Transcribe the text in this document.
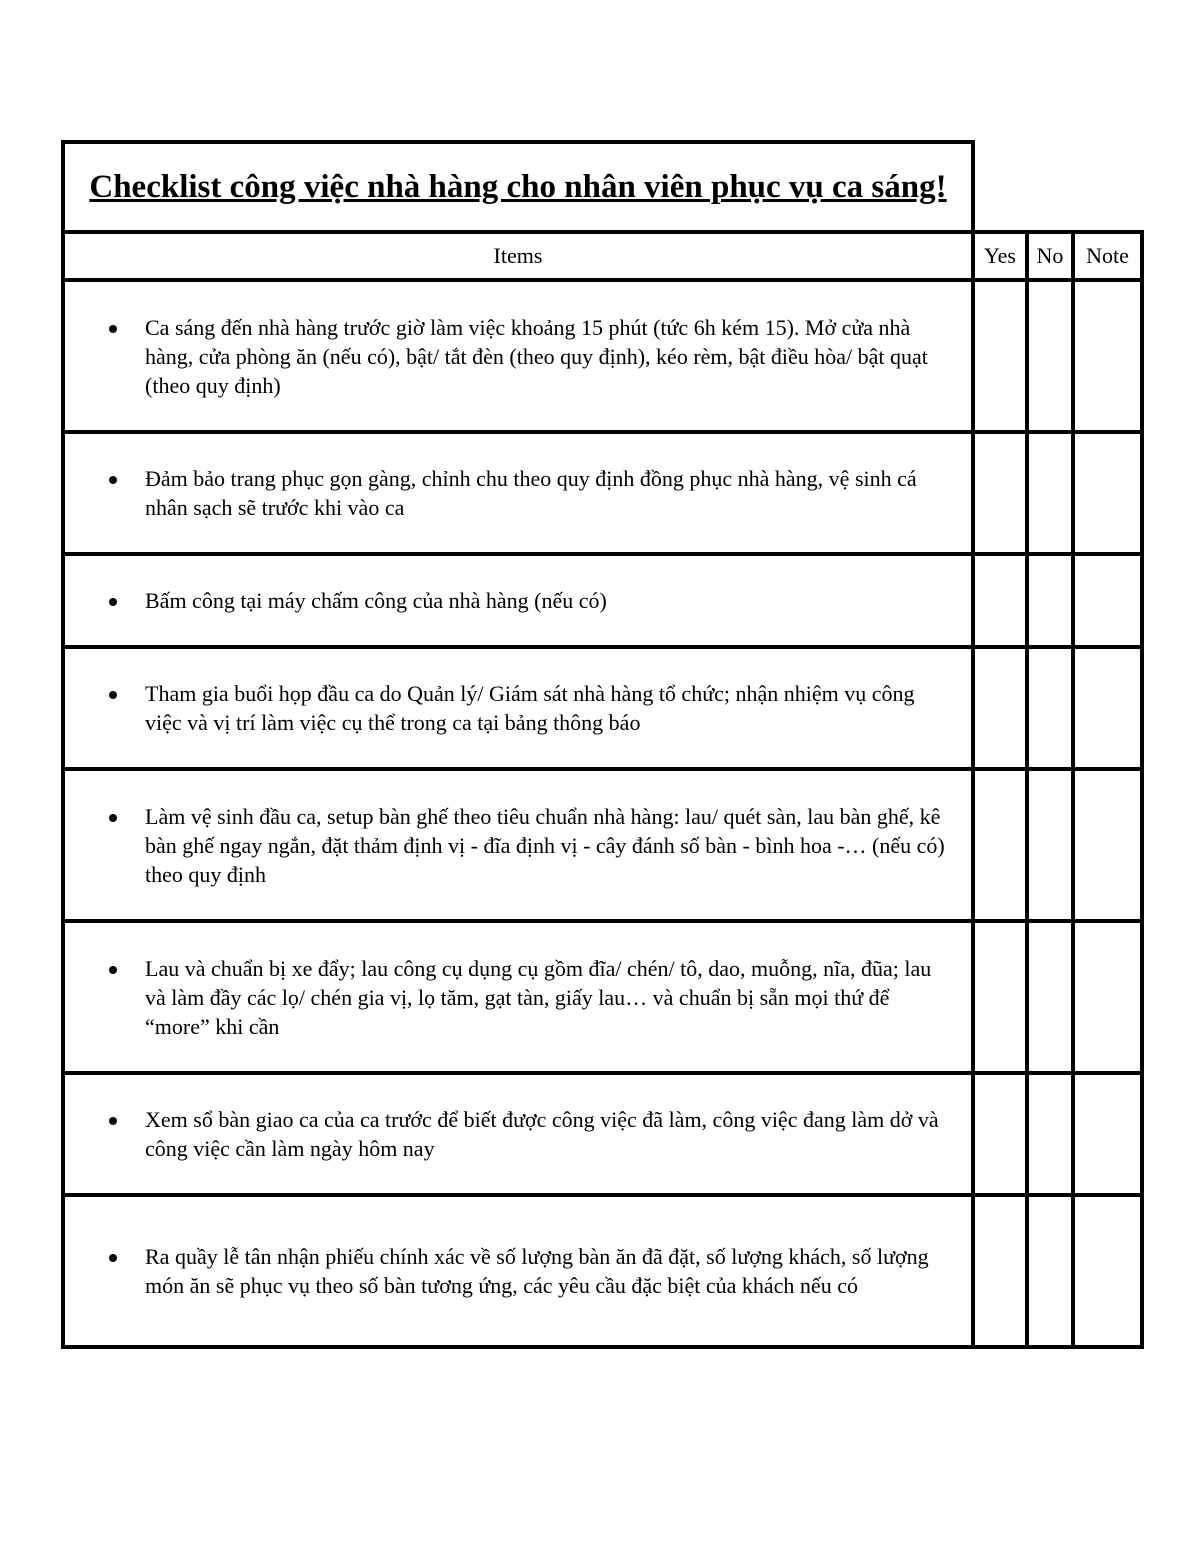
Checklist công việc nhà hàng cho nhân viên phục vụ ca sáng!			

Items	Yes	No	Note

Ca sáng đến nhà hàng trước giờ làm việc khoảng 15 phút (tức 6h kém 15). Mở cửa nhà hàng, cửa phòng ăn (nếu có), bật/ tắt đèn (theo quy định), kéo rèm, bật điều hòa/ bật quạt (theo quy định)			

Đảm bảo trang phục gọn gàng, chỉnh chu theo quy định đồng phục nhà hàng, vệ sinh cá nhân sạch sẽ trước khi vào ca			

Bấm công tại máy chấm công của nhà hàng (nếu có)			

Tham gia buổi họp đầu ca do Quản lý/ Giám sát nhà hàng tổ chức; nhận nhiệm vụ công việc và vị trí làm việc cụ thể trong ca tại bảng thông báo			

Làm vệ sinh đầu ca, setup bàn ghế theo tiêu chuẩn nhà hàng: lau/ quét sàn, lau bàn ghế, kê bàn ghế ngay ngắn, đặt thảm định vị - đĩa định vị - cây đánh số bàn - bình hoa -… (nếu có) theo quy định			

Lau và chuẩn bị xe đẩy; lau công cụ dụng cụ gồm đĩa/ chén/ tô, dao, muỗng, nĩa, đũa; lau và làm đầy các lọ/ chén gia vị, lọ tăm, gạt tàn, giấy lau… và chuẩn bị sẵn mọi thứ để “more” khi cần			

Xem sổ bàn giao ca của ca trước để biết được công việc đã làm, công việc đang làm dở và công việc cần làm ngày hôm nay			

Ra quầy lễ tân nhận phiếu chính xác về số lượng bàn ăn đã đặt, số lượng khách, số lượng món ăn sẽ phục vụ theo số bàn tương ứng, các yêu cầu đặc biệt của khách nếu có			
